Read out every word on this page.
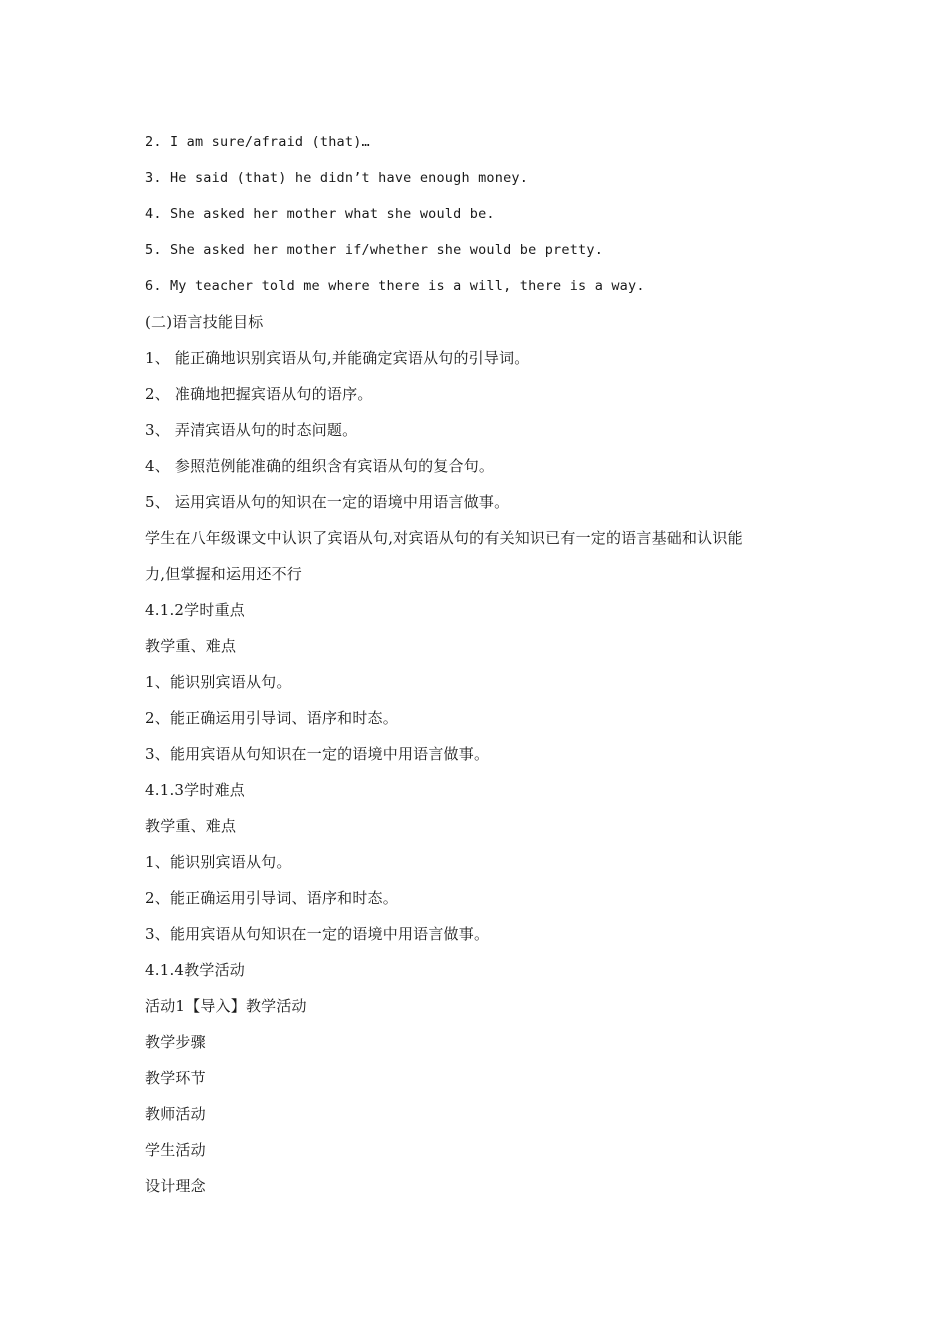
2. I am sure/afraid (that)…
3. He said (that) he didn’t have enough money.
4. She asked her mother what she would be.
5. She asked her mother if/whether she would be pretty.
6. My teacher told me where there is a will, there is a way.
(二)语言技能目标
1、 能正确地识别宾语从句,并能确定宾语从句的引导词。
2、 准确地把握宾语从句的语序。
3、 弄清宾语从句的时态问题。
4、 参照范例能准确的组织含有宾语从句的复合句。
5、 运用宾语从句的知识在一定的语境中用语言做事。
学生在八年级课文中认识了宾语从句,对宾语从句的有关知识已有一定的语言基础和认识能
力,但掌握和运用还不行
4.1.2学时重点
教学重、难点
1、能识别宾语从句。
2、能正确运用引导词、语序和时态。
3、能用宾语从句知识在一定的语境中用语言做事。
4.1.3学时难点
教学重、难点
1、能识别宾语从句。
2、能正确运用引导词、语序和时态。
3、能用宾语从句知识在一定的语境中用语言做事。
4.1.4教学活动
活动1【导入】教学活动
教学步骤
教学环节
教师活动
学生活动
设计理念
